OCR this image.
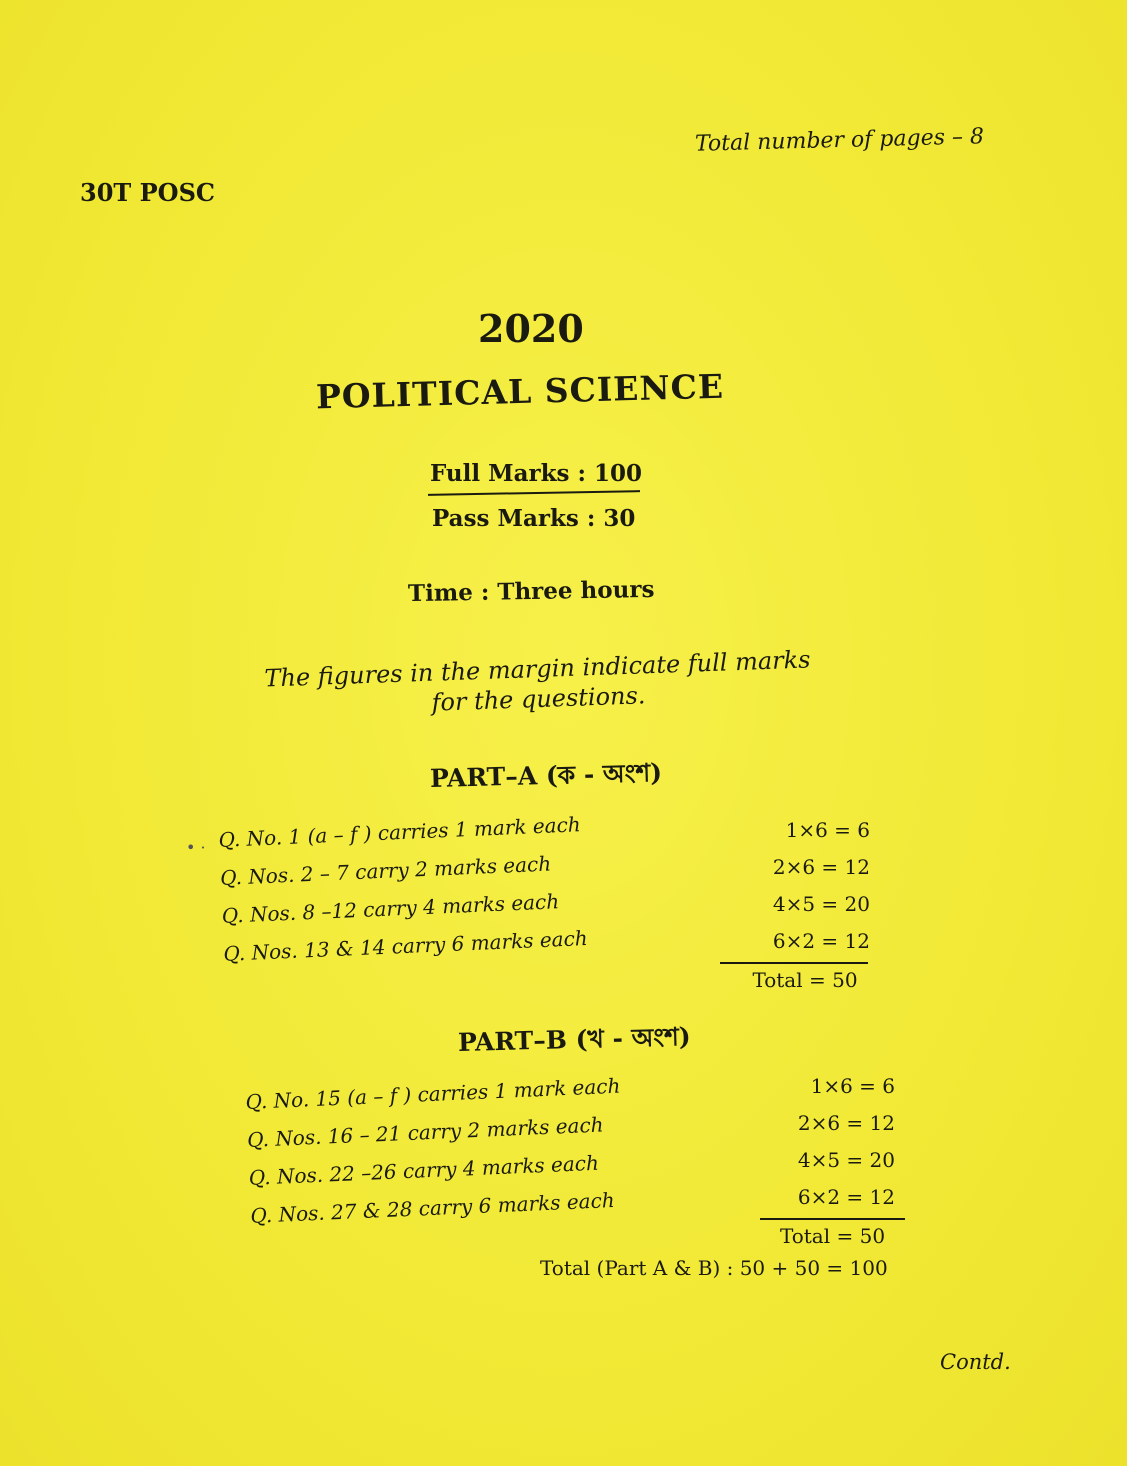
Total number of pages – 8
30T POSC
2020
POLITICAL SCIENCE
Full Marks : 100
Pass Marks : 30
Time : Three hours
The figures in the margin indicate full marks for the questions.
PART–A (ক - অংশ)
• · Q. No. 1 (a – f ) carries 1 mark each
Q. Nos. 2 – 7 carry 2 marks each
Q. Nos. 8 –12 carry 4 marks each
Q. Nos. 13 & 14 carry 6 marks each
1×6 = 6
2×6 = 12
4×5 = 20
6×2 = 12
Total = 50
PART–B (খ - অংশ)
Q. No. 15 (a – f ) carries 1 mark each
Q. Nos. 16 – 21 carry 2 marks each
Q. Nos. 22 –26 carry 4 marks each
Q. Nos. 27 & 28 carry 6 marks each
1×6 = 6
2×6 = 12
4×5 = 20
6×2 = 12
Total = 50
Total (Part A & B) : 50 + 50 = 100
Contd.
